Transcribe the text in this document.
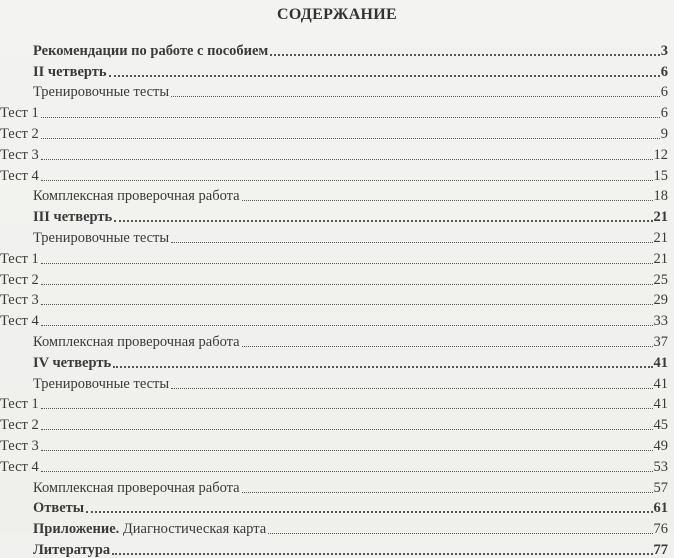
СОДЕРЖАНИЕ
Рекомендации по работе с пособием	3
II четверть	6
Тренировочные тесты	6
Тест 1	6
Тест 2	9
Тест 3	12
Тест 4	15
Комплексная проверочная работа	18
III четверть	21
Тренировочные тесты	21
Тест 1	21
Тест 2	25
Тест 3	29
Тест 4	33
Комплексная проверочная работа	37
IV четверть	41
Тренировочные тесты	41
Тест 1	41
Тест 2	45
Тест 3	49
Тест 4	53
Комплексная проверочная работа	57
Ответы	61
Приложение. Диагностическая карта	76
Литература	77
